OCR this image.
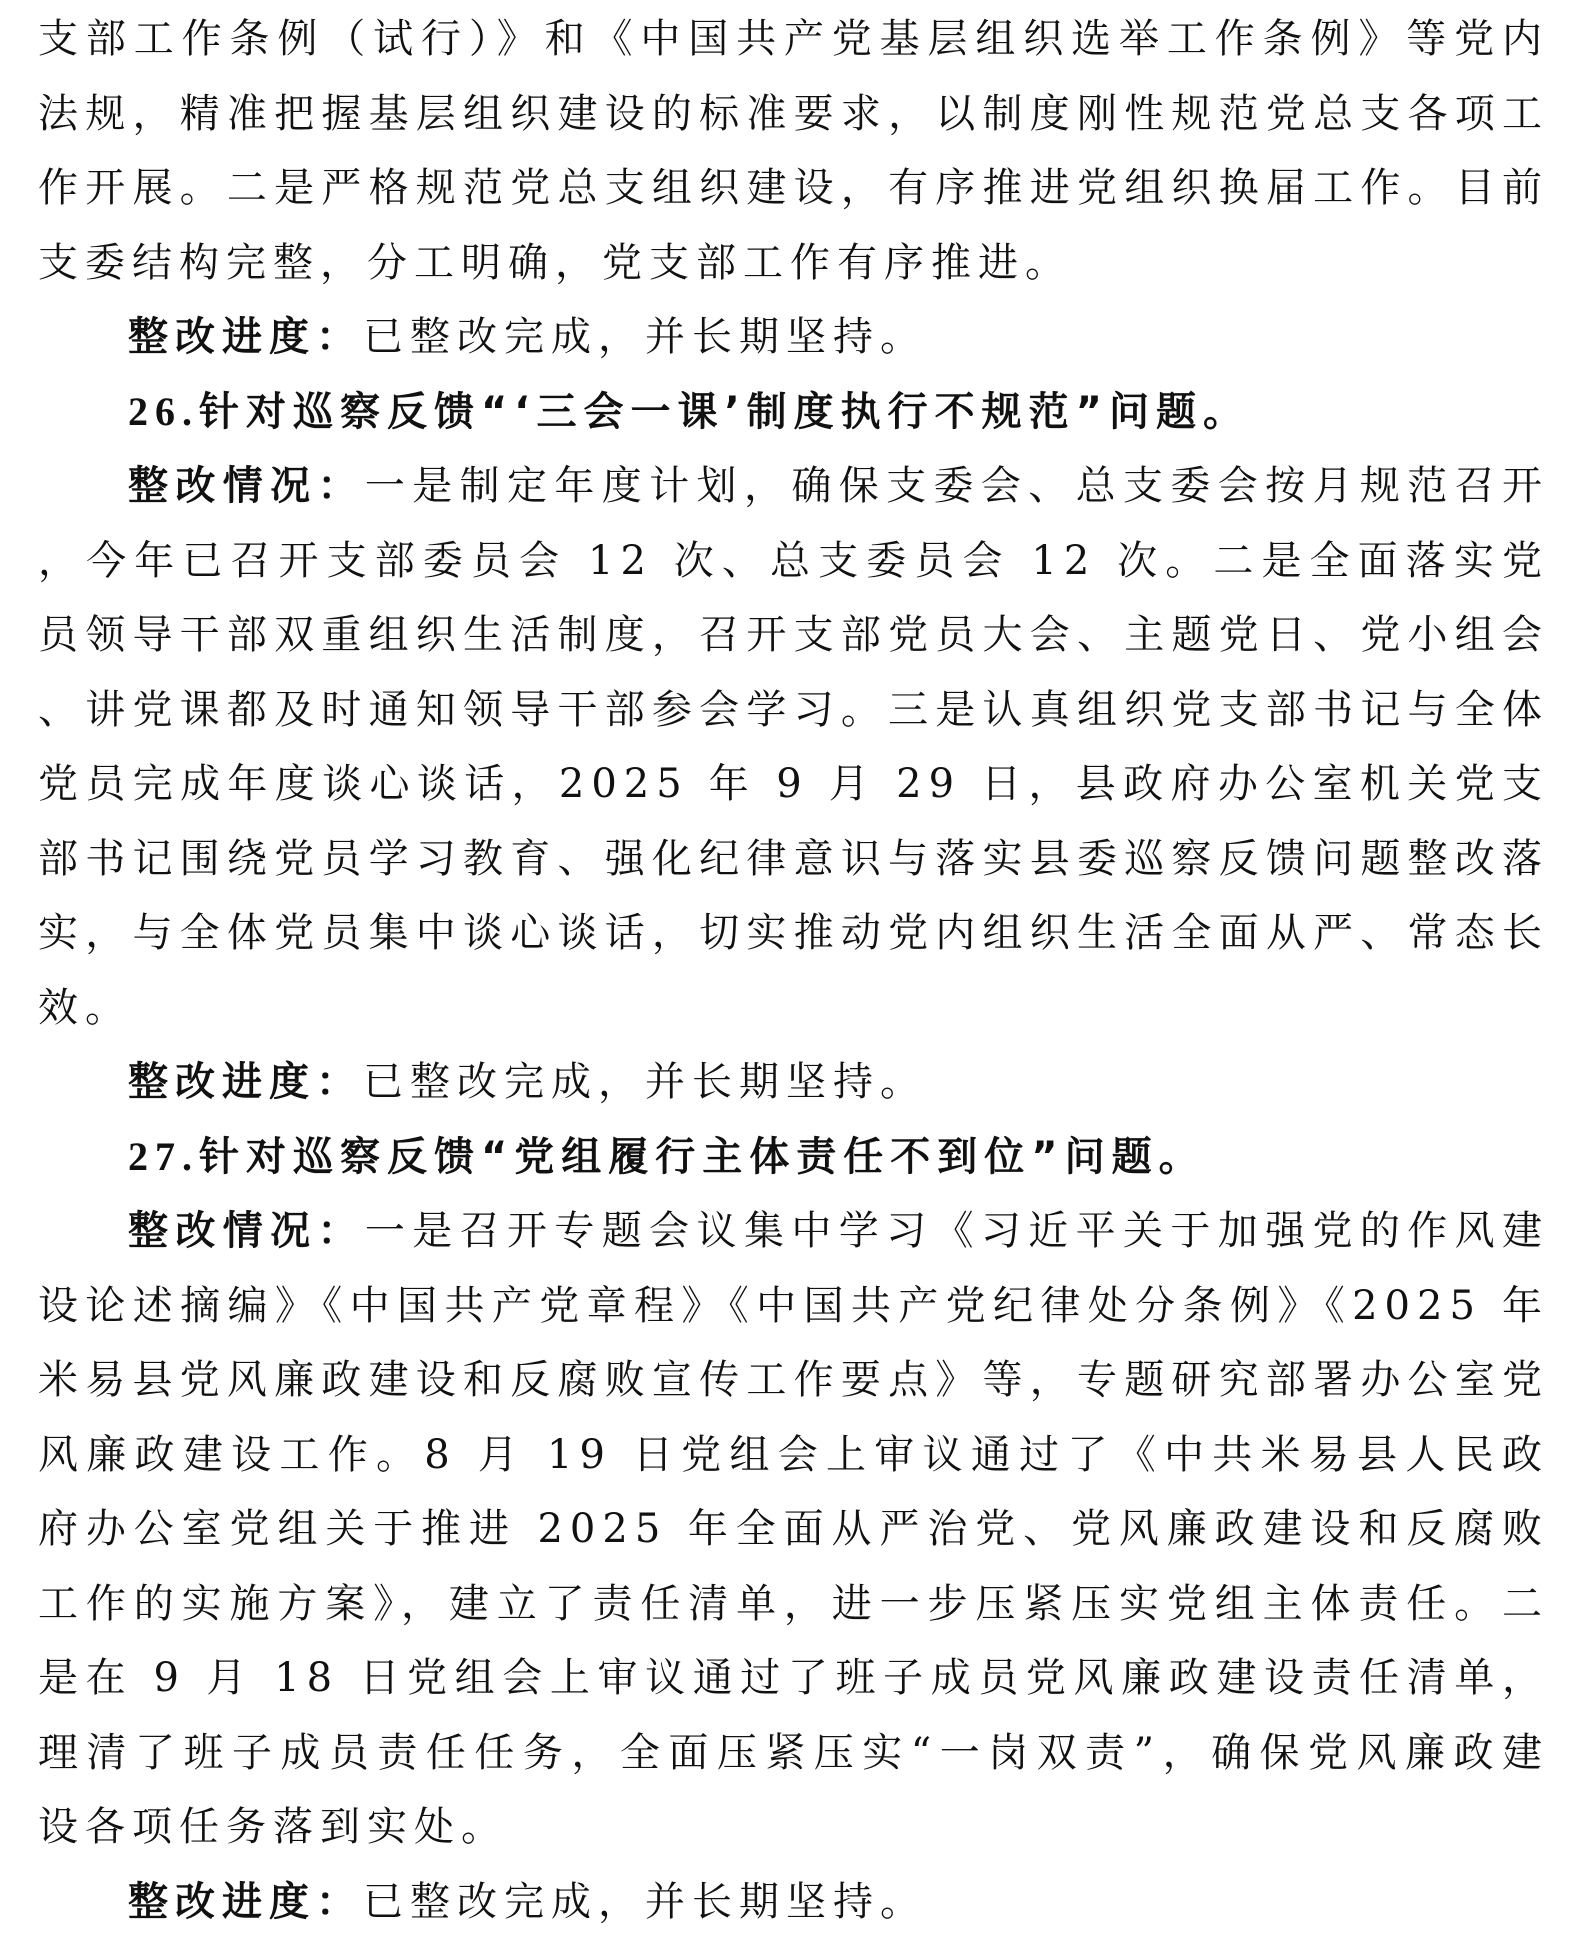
支部工作条例（试行）》和《中国共产党基层组织选举工作条例》等党内法规，精准把握基层组织建设的标准要求，以制度刚性规范党总支各项工作开展。二是严格规范党总支组织建设，有序推进党组织换届工作。目前支委结构完整，分工明确，党支部工作有序推进。

整改进度：已整改完成，并长期坚持。

26.针对巡察反馈“‘三会一课’制度执行不规范”问题。

整改情况：一是制定年度计划，确保支委会、总支委会按月规范召开，今年已召开支部委员会 12 次、总支委员会 12 次。二是全面落实党员领导干部双重组织生活制度，召开支部党员大会、主题党日、党小组会、讲党课都及时通知领导干部参会学习。三是认真组织党支部书记与全体党员完成年度谈心谈话，2025 年 9 月 29 日，县政府办公室机关党支部书记围绕党员学习教育、强化纪律意识与落实县委巡察反馈问题整改落实，与全体党员集中谈心谈话，切实推动党内组织生活全面从严、常态长效。

整改进度：已整改完成，并长期坚持。

27.针对巡察反馈“党组履行主体责任不到位”问题。

整改情况：一是召开专题会议集中学习《习近平关于加强党的作风建设论述摘编》《中国共产党章程》《中国共产党纪律处分条例》《2025 年米易县党风廉政建设和反腐败宣传工作要点》等，专题研究部署办公室党风廉政建设工作。8 月 19 日党组会上审议通过了《中共米易县人民政府办公室党组关于推进 2025 年全面从严治党、党风廉政建设和反腐败工作的实施方案》，建立了责任清单，进一步压紧压实党组主体责任。二是在 9 月 18 日党组会上审议通过了班子成员党风廉政建设责任清单，理清了班子成员责任任务，全面压紧压实“一岗双责”，确保党风廉政建设各项任务落到实处。

整改进度：已整改完成，并长期坚持。
